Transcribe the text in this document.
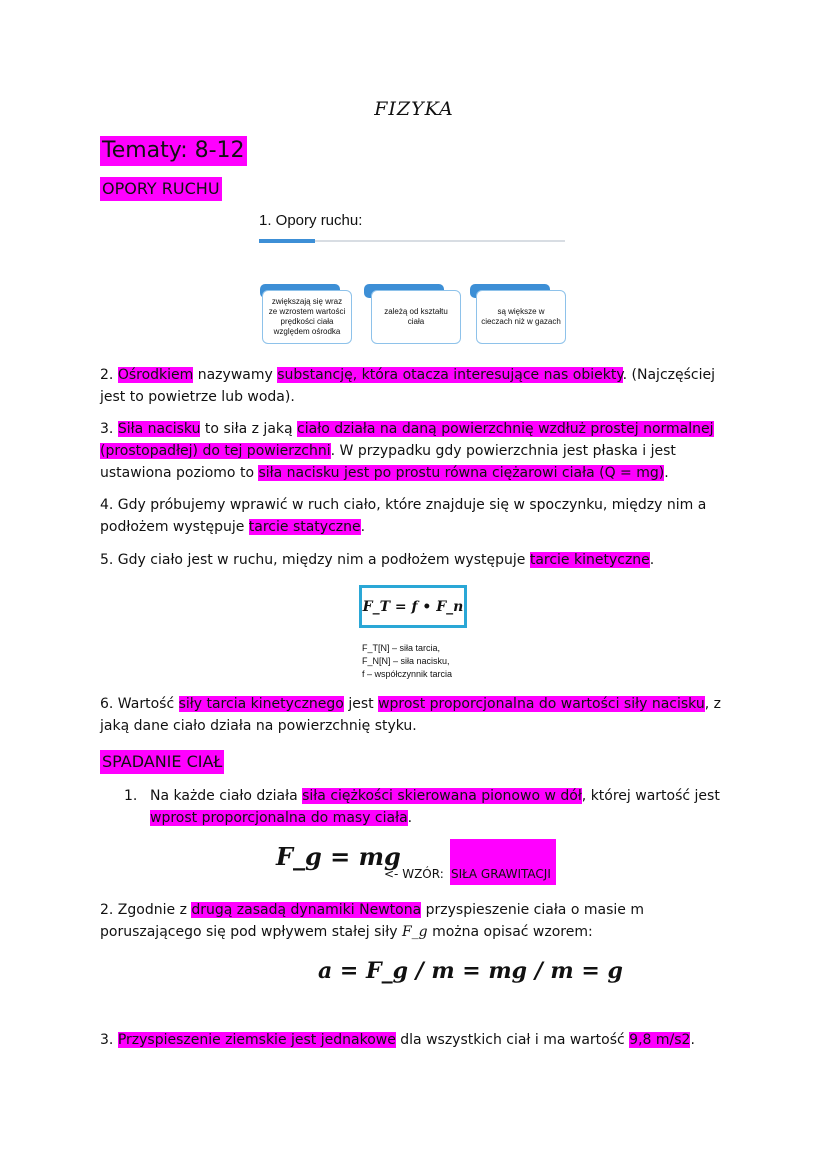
FIZYKA
Tematy: 8-12
OPORY RUCHU
1. Opory ruchu:
zwiększają się wraz ze wzrostem wartości prędkości ciała względem ośrodka
zależą od kształtu ciała
są większe w cieczach niż w gazach
2. Ośrodkiem nazywamy substancję, która otacza interesujące nas obiekty. (Najczęściej jest to powietrze lub woda).
3. Siła nacisku to siła z jaką ciało działa na daną powierzchnię wzdłuż prostej normalnej (prostopadłej) do tej powierzchni. W przypadku gdy powierzchnia jest płaska i jest ustawiona poziomo to siła nacisku jest po prostu równa ciężarowi ciała (Q = mg).
4. Gdy próbujemy wprawić w ruch ciało, które znajduje się w spoczynku, między nim a podłożem występuje tarcie statyczne.
5. Gdy ciało jest w ruchu, między nim a podłożem występuje tarcie kinetyczne.
F_T = f • F_n
F_T[N] – siła tarcia,
F_N[N] – siła nacisku,
f – współczynnik tarcia
6. Wartość siły tarcia kinetycznego jest wprost proporcjonalna do wartości siły nacisku, z jaką dane ciało działa na powierzchnię styku.
SPADANIE CIAŁ
1. Na każde ciało działa siła ciężkości skierowana pionowo w dół, której wartość jest wprost proporcjonalna do masy ciała.
F_g = mg
<- WZÓR: SIŁA GRAWITACJI
2. Zgodnie z drugą zasadą dynamiki Newtona przyspieszenie ciała o masie m poruszającego się pod wpływem stałej siły F_g można opisać wzorem:
a = F_g / m = mg / m = g
3. Przyspieszenie ziemskie jest jednakowe dla wszystkich ciał i ma wartość 9,8 m/s2.
